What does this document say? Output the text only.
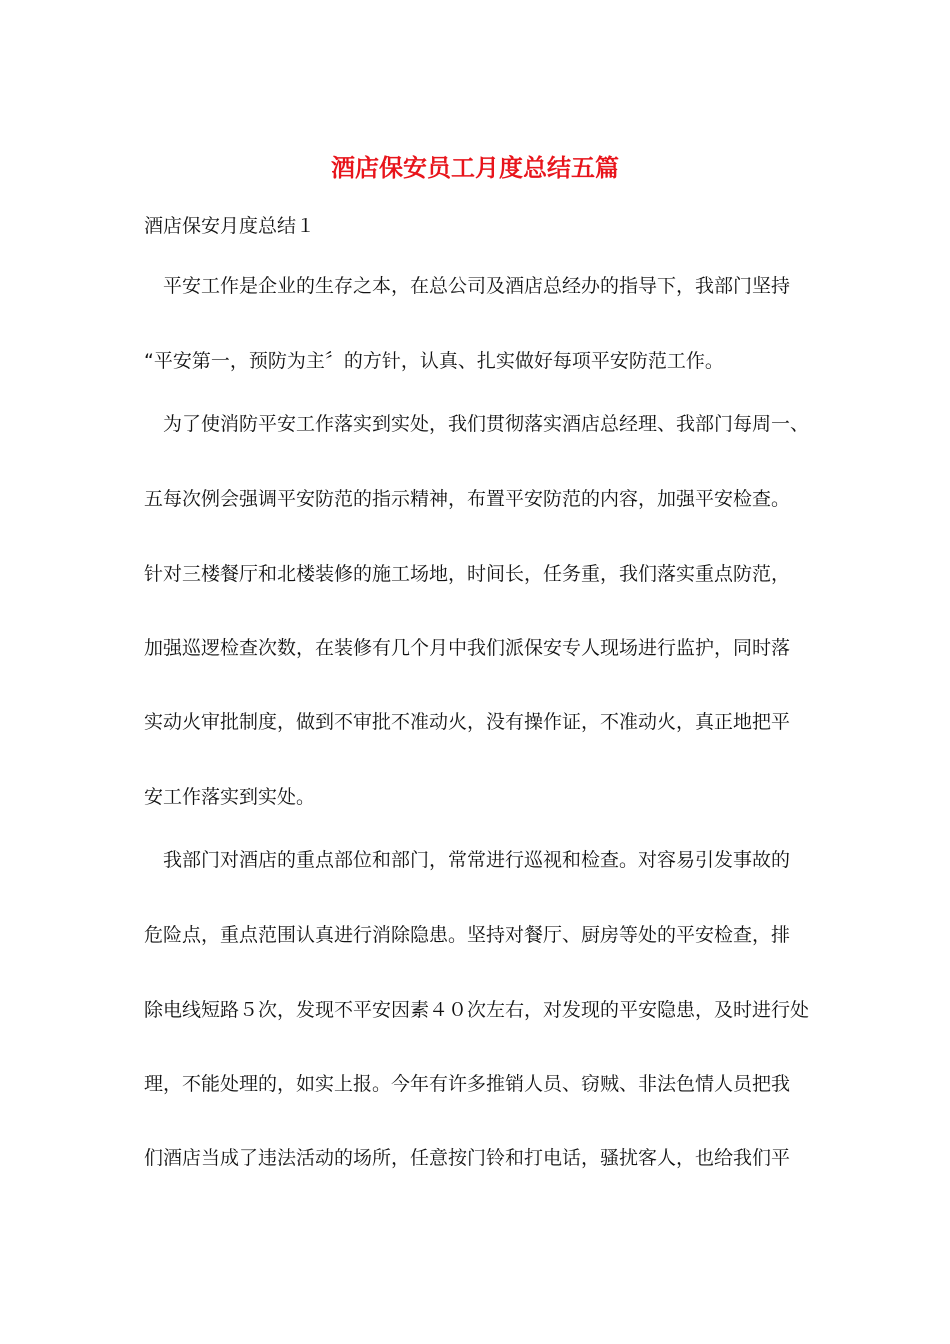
酒店保安员工月度总结五篇
酒店保安月度总结１
平安工作是企业的生存之本，在总公司及酒店总经办的指导下，我部门坚持
“平安第一，预防为主〞的方针，认真、扎实做好每项平安防范工作。
为了使消防平安工作落实到实处，我们贯彻落实酒店总经理、我部门每周一、
五每次例会强调平安防范的指示精神，布置平安防范的内容，加强平安检查。
针对三楼餐厅和北楼装修的施工场地，时间长，任务重，我们落实重点防范，
加强巡逻检查次数，在装修有几个月中我们派保安专人现场进行监护，同时落
实动火审批制度，做到不审批不准动火，没有操作证，不准动火，真正地把平
安工作落实到实处。
我部门对酒店的重点部位和部门，常常进行巡视和检查。对容易引发事故的
危险点，重点范围认真进行消除隐患。坚持对餐厅、厨房等处的平安检查，排
除电线短路５次，发现不平安因素４０次左右，对发现的平安隐患，及时进行处
理，不能处理的，如实上报。今年有许多推销人员、窃贼、非法色情人员把我
们酒店当成了违法活动的场所，任意按门铃和打电话，骚扰客人，也给我们平
